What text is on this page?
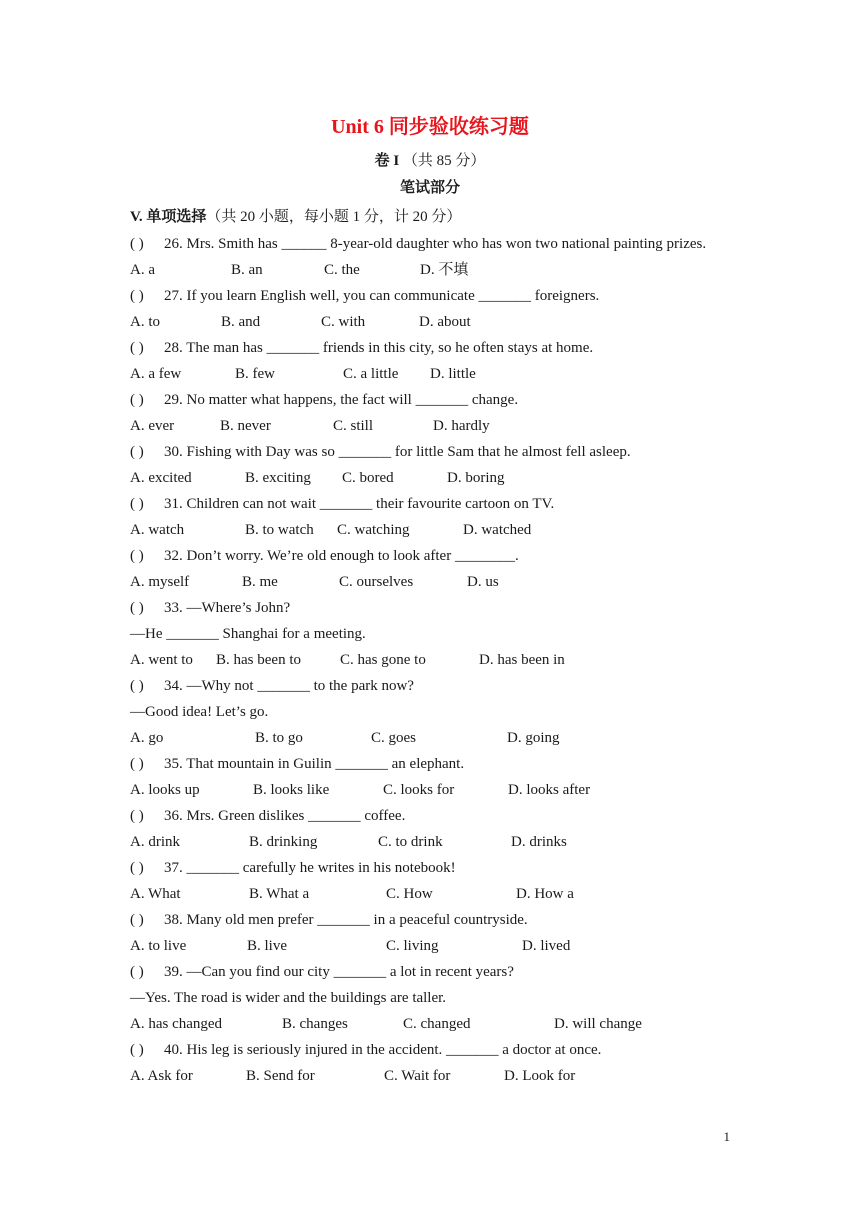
Unit 6 同步验收练习题
卷 I （共 85 分）
笔试部分
V. 单项选择（共 20 小题，每小题 1 分，计 20 分）
( ) 26. Mrs. Smith has ______ 8-year-old daughter who has won two national painting prizes.
A. a	B. an	C. the	D. 不填
( ) 27. If you learn English well, you can communicate _______ foreigners.
A. to	B. and	C. with	D. about
( ) 28. The man has _______ friends in this city, so he often stays at home.
A. a few	B. few	C. a little D. little
( ) 29. No matter what happens, the fact will _______ change.
A. ever	B. never	C. still	D. hardly
( ) 30. Fishing with Day was so _______ for little Sam that he almost fell asleep.
A. excited	B. exciting C. bored	D. boring
( ) 31. Children can not wait _______ their favourite cartoon on TV.
A. watch	B. to watch C. watching	D. watched
( ) 32. Don’t worry. We’re old enough to look after ________.
A. myself	B. me	C. ourselves	D. us
( ) 33. —Where’s John?
—He _______ Shanghai for a meeting.
A. went to B. has been to	C. has gone to	D. has been in
( ) 34. —Why not _______ to the park now?
—Good idea! Let’s go.
A. go	B. to go	C. goes	D. going
( ) 35. That mountain in Guilin _______ an elephant.
A. looks up	B. looks like	C. looks for	D. looks after
( ) 36. Mrs. Green dislikes _______ coffee.
A. drink	B. drinking	C. to drink	D. drinks
( ) 37. _______ carefully he writes in his notebook!
A. What	B. What a	C. How	D. How a
( ) 38. Many old men prefer _______ in a peaceful countryside.
A. to live	B. live	C. living	D. lived
( ) 39. —Can you find our city _______ a lot in recent years?
—Yes. The road is wider and the buildings are taller.
A. has changed	B. changes	C. changed	D. will change
( ) 40. His leg is seriously injured in the accident. _______ a doctor at once.
A. Ask for	B. Send for	C. Wait for	D. Look for
1
